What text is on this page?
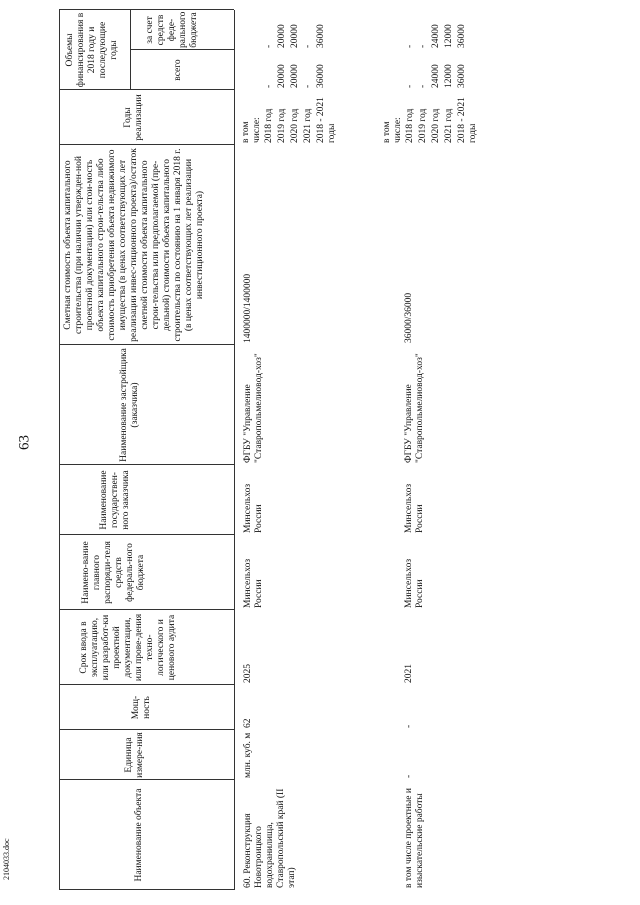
63
2104033.doc	Наименование объекта
Единица измере-ния
Мощ-ность
Срок ввода в эксплуатацию, или разработ-ки проектной документации, или прове-дения техно-логического и ценового аудита
Наимено-вание главного распоряди-теля средств федераль-ного бюджета
Наименование государствен-ного заказчика
Наименование застройщика (заказчика)
Сметная стоимость объекта капитального строительства (при наличии утвержден-ной проектной документации) или стои-мость объекта капитального строи-тельства либо стоимость приобретения объекта недвижимого имущества (в ценах соответствующих лет реализации инвес-тиционного проекта)/остаток сметной стоимости объекта капитального строи-тельства или предполагаемой (пре-дельной) стоимости объекта капитального строительства по состоянию на 1 января 2018 г. (в ценах соответствующих лет реализации инвестиционного проекта)
Годы реализации
Объемы финансирования в 2018 году и последующие годы
всего
за счет средств феде-рального бюджета
60. Реконструкция Новотроицкого водохранилища, Ставропольский край (II этап)
млн. куб. м
62
2025
Минсельхоз России
Минсельхоз России
ФГБУ "Управление "Ставропольмелиовод-хоз"
1400000/1400000
в том числе: 2018 год 2019 год 2020 год 2021 год 2018 - 2021 годы
- 20000 20000 - 36000
- 20000 20000 - 36000
в том числе проектные и изыскательские работы
-
-
2021
Минсельхоз России
Минсельхоз России
ФГБУ "Управление "Ставропольмелиовод-хоз"
36000/36000
в том числе: 2018 год 2019 год 2020 год 2021 год 2018 - 2021 годы
- - 24000 12000 36000
- - 24000 12000 36000
